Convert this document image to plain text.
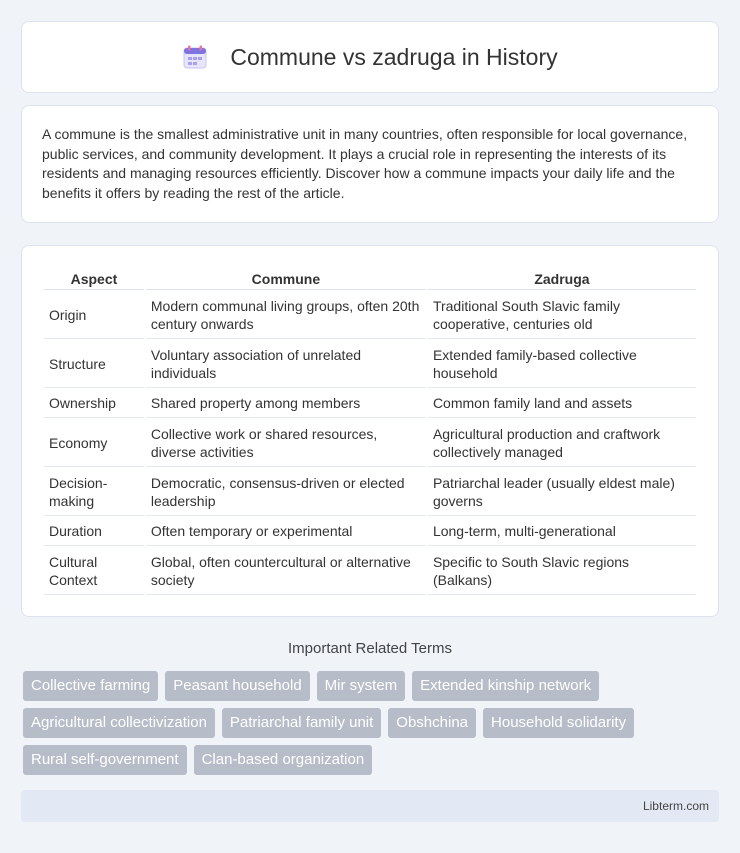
Commune vs zadruga in History

A commune is the smallest administrative unit in many countries, often responsible for local governance, public services, and community development. It plays a crucial role in representing the interests of its residents and managing resources efficiently. Discover how a commune impacts your daily life and the benefits it offers by reading the rest of the article.

Aspect	Commune	Zadruga
Origin	Modern communal living groups, often 20th century onwards	Traditional South Slavic family cooperative, centuries old
Structure	Voluntary association of unrelated individuals	Extended family-based collective household
Ownership	Shared property among members	Common family land and assets
Economy	Collective work or shared resources, diverse activities	Agricultural production and craftwork collectively managed
Decision-making	Democratic, consensus-driven or elected leadership	Patriarchal leader (usually eldest male) governs
Duration	Often temporary or experimental	Long-term, multi-generational
Cultural Context	Global, often countercultural or alternative society	Specific to South Slavic regions (Balkans)
Important Related Terms
Collective farming	Peasant household	Mir system	Extended kinship network
Agricultural collectivization	Patriarchal family unit	Obshchina	Household solidarity
Rural self-government	Clan-based organization
Libterm.com
